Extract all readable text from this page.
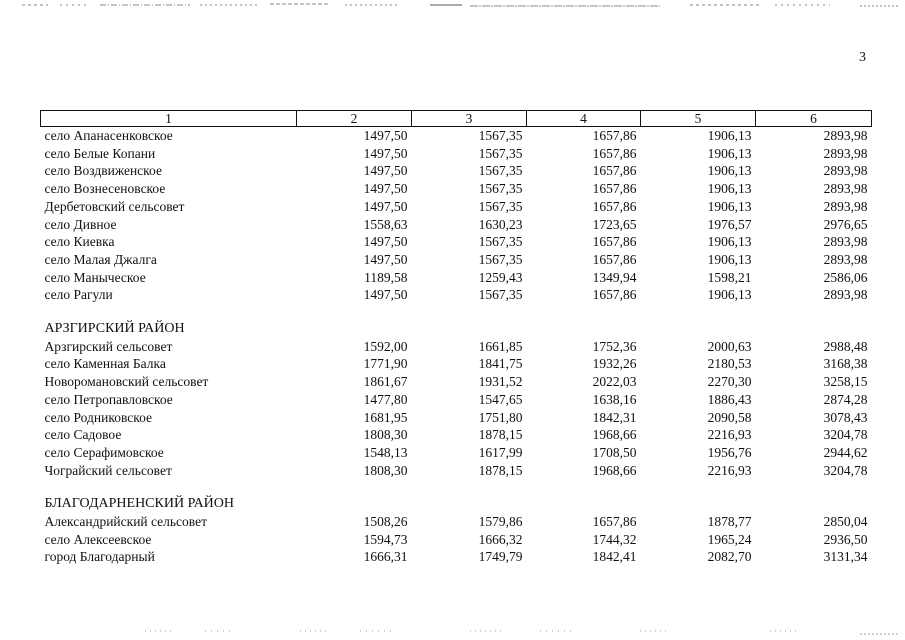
3
1	2	3	4	5	6
село Апанасенковское	1497,50	1567,35	1657,86	1906,13	2893,98
село Белые Копани	1497,50	1567,35	1657,86	1906,13	2893,98
село Воздвиженское	1497,50	1567,35	1657,86	1906,13	2893,98
село Вознесеновское	1497,50	1567,35	1657,86	1906,13	2893,98
Дербетовский сельсовет	1497,50	1567,35	1657,86	1906,13	2893,98
село Дивное	1558,63	1630,23	1723,65	1976,57	2976,65
село Киевка	1497,50	1567,35	1657,86	1906,13	2893,98
село Малая Джалга	1497,50	1567,35	1657,86	1906,13	2893,98
село Маныческое	1189,58	1259,43	1349,94	1598,21	2586,06
село Рагули	1497,50	1567,35	1657,86	1906,13	2893,98

АРЗГИРСКИЙ РАЙОН					
Арзгирский сельсовет	1592,00	1661,85	1752,36	2000,63	2988,48
село Каменная Балка	1771,90	1841,75	1932,26	2180,53	3168,38
Новоромановский сельсовет	1861,67	1931,52	2022,03	2270,30	3258,15
село Петропавловское	1477,80	1547,65	1638,16	1886,43	2874,28
село Родниковское	1681,95	1751,80	1842,31	2090,58	3078,43
село Садовое	1808,30	1878,15	1968,66	2216,93	3204,78
село Серафимовское	1548,13	1617,99	1708,50	1956,76	2944,62
Чограйский сельсовет	1808,30	1878,15	1968,66	2216,93	3204,78

БЛАГОДАРНЕНСКИЙ РАЙОН					
Александрийский сельсовет	1508,26	1579,86	1657,86	1878,77	2850,04
село Алексеевское	1594,73	1666,32	1744,32	1965,24	2936,50
город Благодарный	1666,31	1749,79	1842,41	2082,70	3131,34
